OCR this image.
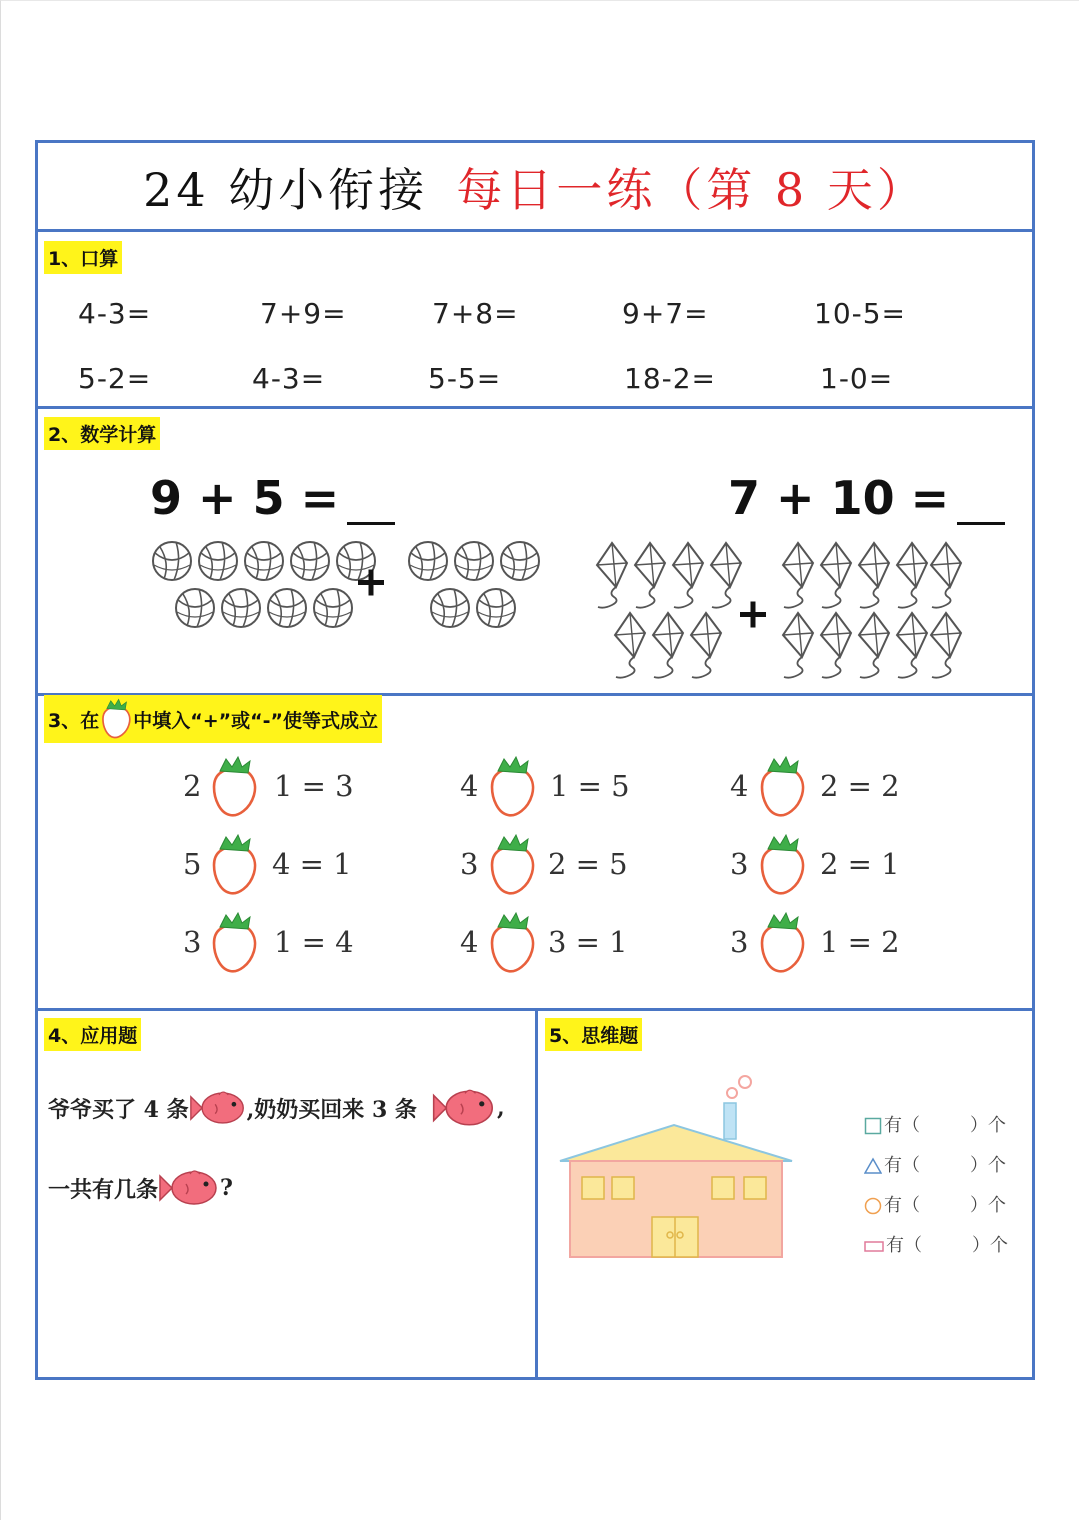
24 幼小衔接 每日一练（第 8 天）
1、口算
4-3=	7+9=	7+8=	9+7=	10-5=
5-2=	4-3=	5-5=	18-2=	1-0=
2、数学计算
9 + 5 =	7 + 10 =
3、在 中填入“+”或“-”使等式成立
2	1 = 3	4 1 = 5	4 2 = 2
5 4 = 1	3 2 = 5	3 2 = 1
3	1 = 4	4 3 = 1	3 1 = 2
4、应用题
爷爷买了 4 条	,奶奶买回来 3 条	,
一共有几条	?
5、思维题
有（	）个
有（	）个
有（	）个
有（	）个
